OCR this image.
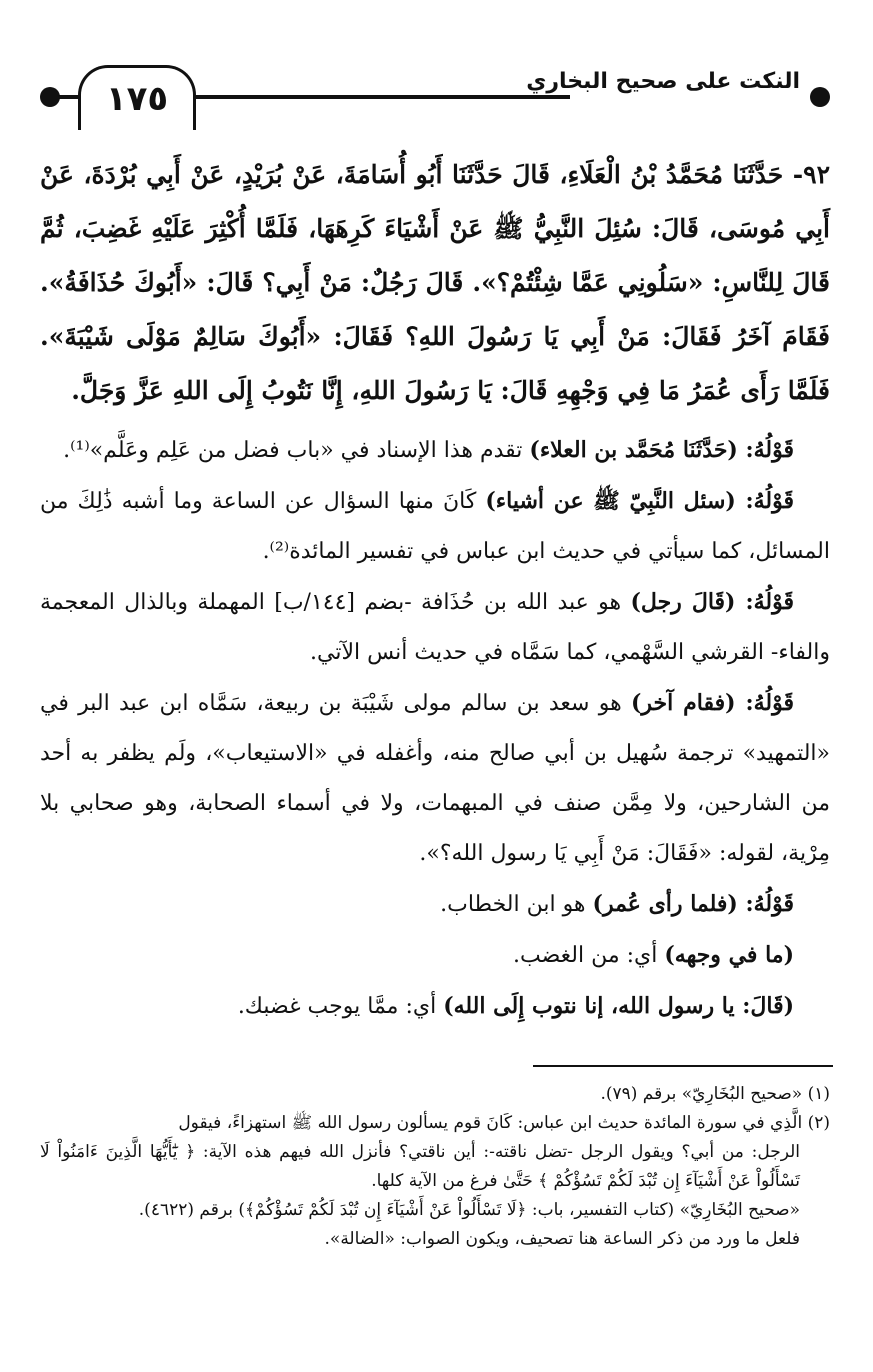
١٧٥	النكت على صحيح البخاري
٩٢- حَدَّثَنَا مُحَمَّدُ بْنُ الْعَلَاءِ، قَالَ حَدَّثَنَا أَبُو أُسَامَةَ، عَنْ بُرَيْدٍ، عَنْ أَبِي بُرْدَةَ، عَنْ أَبِي مُوسَى، قَالَ: سُئِلَ النَّبِيُّ ﷺ عَنْ أَشْيَاءَ كَرِهَهَا، فَلَمَّا أُكْثِرَ عَلَيْهِ غَضِبَ، ثُمَّ قَالَ لِلنَّاسِ: «سَلُونِي عَمَّا شِئْتُمْ؟». قَالَ رَجُلٌ: مَنْ أَبِي؟ قَالَ: «أَبُوكَ حُذَافَةُ». فَقَامَ آخَرُ فَقَالَ: مَنْ أَبِي يَا رَسُولَ اللهِ؟ فَقَالَ: «أَبُوكَ سَالِمٌ مَوْلَى شَيْبَةَ». فَلَمَّا رَأَى عُمَرُ مَا فِي وَجْهِهِ قَالَ: يَا رَسُولَ اللهِ، إِنَّا نَتُوبُ إِلَى اللهِ عَزَّ وَجَلَّ.

قَوْلُهُ: (حَدَّثَنَا مُحَمَّد بن العلاء) تقدم هذا الإسناد في «باب فضل من عَلِم وعَلَّم»⁽¹⁾.

قَوْلُهُ: (سئل النَّبِيّ ﷺ عن أشياء) كَانَ منها السؤال عن الساعة وما أشبه ذَٰلِكَ من المسائل، كما سيأتي في حديث ابن عباس في تفسير المائدة⁽²⁾.

قَوْلُهُ: (قَالَ رجل) هو عبد الله بن حُذَافة -بضم [١٤٤/ب] المهملة وبالذال المعجمة والفاء- القرشي السَّهْمي، كما سَمَّاه في حديث أنس الآتي.

قَوْلُهُ: (فقام آخر) هو سعد بن سالم مولى شَيْبَة بن ربيعة، سَمَّاه ابن عبد البر في «التمهيد» ترجمة سُهيل بن أبي صالح منه، وأغفله في «الاستيعاب»، ولَم يظفر به أحد من الشارحين، ولا مِمَّن صنف في المبهمات، ولا في أسماء الصحابة، وهو صحابي بلا مِرْية، لقوله: «فَقَالَ: مَنْ أَبِي يَا رسول الله؟».

قَوْلُهُ: (فلما رأى عُمر) هو ابن الخطاب.

(ما في وجهه) أي: من الغضب.

(قَالَ: يا رسول الله، إنا نتوب إِلَى الله) أي: ممَّا يوجب غضبك.

(١) «صحيح البُخَارِيّ» برقم (٧٩).

(٢) الَّذِي في سورة المائدة حديث ابن عباس: كَانَ قوم يسألون رسول الله ﷺ استهزاءً، فيقول

الرجل: من أبي؟ ويقول الرجل -تضل ناقته-: أين ناقتي؟ فأنزل الله فيهم هذه الآية: ﴿ يَٰٓأَيُّهَا الَّذِينَ ءَامَنُواْ لَا تَسْأَلُواْ عَنْ أَشْيَآءَ إِن تُبْدَ لَكُمْ تَسُؤْكُمْ ﴾ حَتَّىٰ فرغ من الآية كلها.

«صحيح البُخَارِيّ» (كتاب التفسير، باب: ﴿لَا تَسْأَلُواْ عَنْ أَشْيَآءَ إِن تُبْدَ لَكُمْ تَسُؤْكُمْ﴾) برقم (٤٦٢٢).

فلعل ما ورد من ذكر الساعة هنا تصحيف، ويكون الصواب: «الضالة».
